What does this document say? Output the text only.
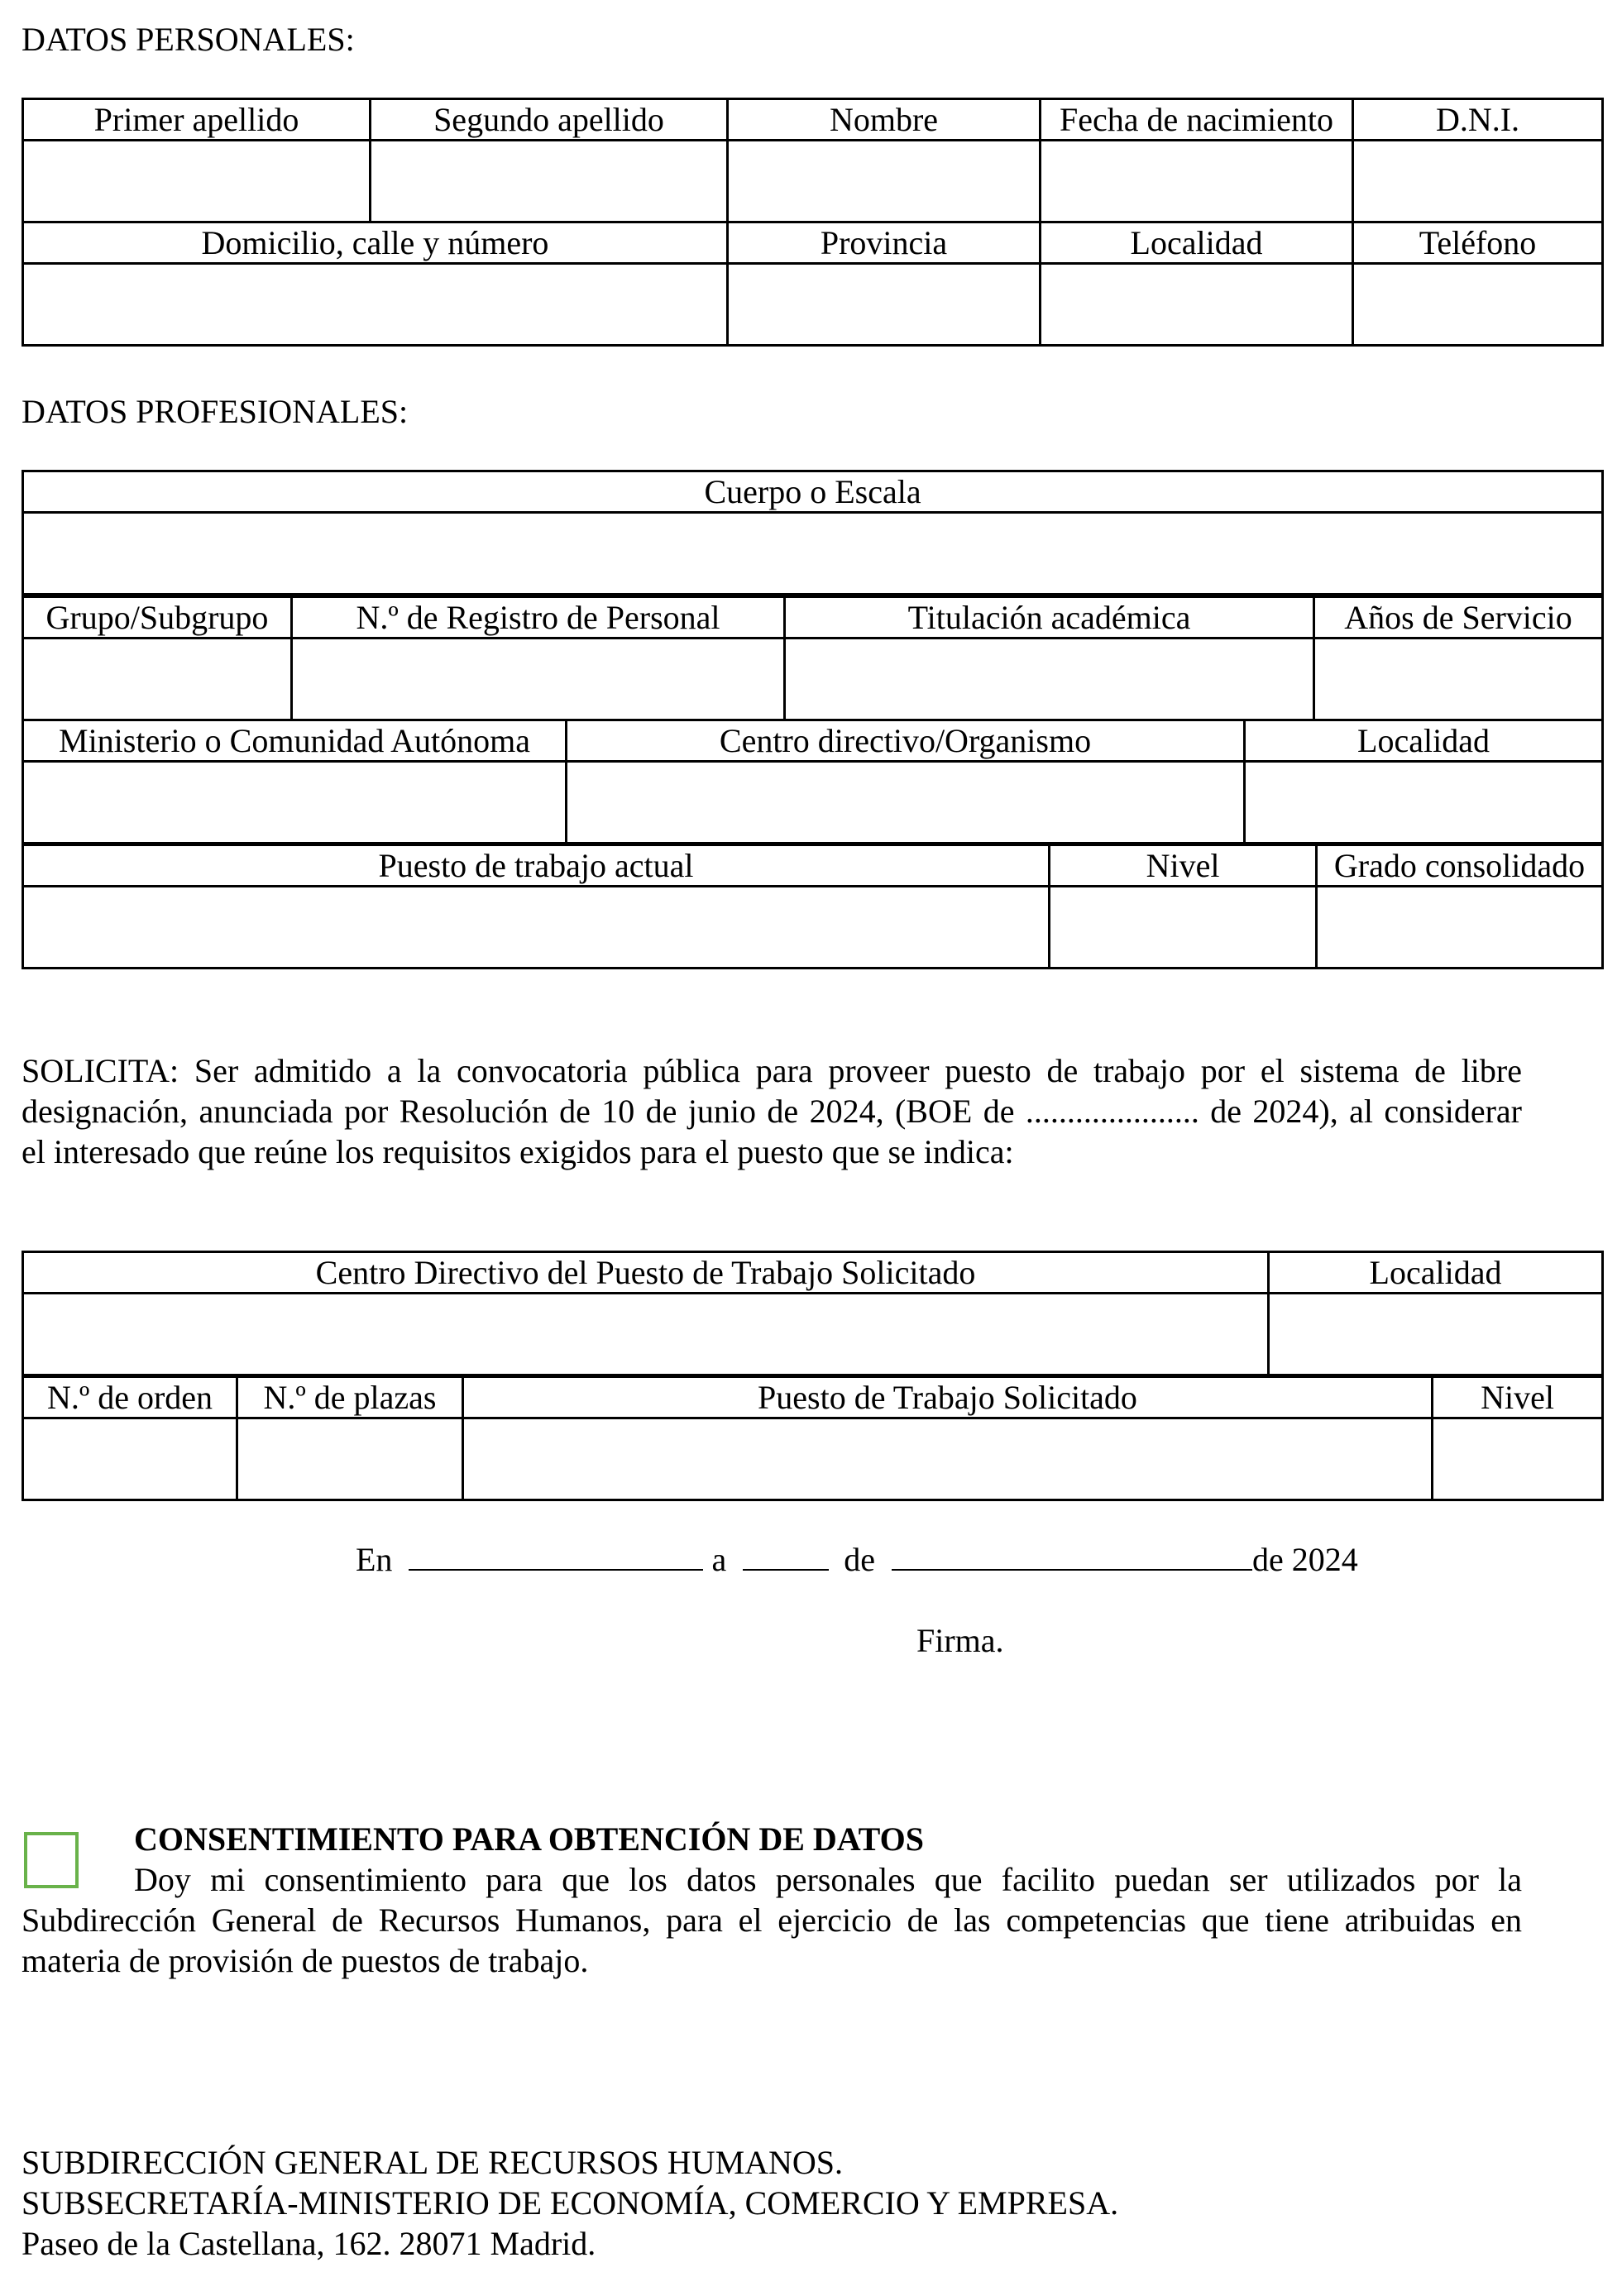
DATOS PERSONALES:
Primer apellido	Segundo apellido	Nombre	Fecha de nacimiento	D.N.I.

Domicilio, calle y número		Provincia	Localidad	Teléfono

DATOS PROFESIONALES:
Cuerpo o Escala

Grupo/Subgrupo	N.º de Registro de Personal	Titulación académica	Años de Servicio

Ministerio o Comunidad Autónoma	Centro directivo/Organismo	Localidad

Puesto de trabajo actual	Nivel	Grado consolidado

SOLICITA: Ser admitido a la convocatoria pública para proveer puesto de trabajo por el sistema de libre
designación, anunciada por Resolución de 10 de junio de 2024, (BOE de ..................... de 2024), al considerar
el interesado que reúne los requisitos exigidos para el puesto que se indica:
Centro Directivo del Puesto de Trabajo Solicitado	Localidad

N.º de orden	N.º de plazas	Puesto de Trabajo Solicitado	Nivel

En	a	de	de 2024
Firma.
CONSENTIMIENTO PARA OBTENCIÓN DE DATOS
Doy mi consentimiento para que los datos personales que facilito puedan ser utilizados por la
Subdirección General de Recursos Humanos, para el ejercicio de las competencias que tiene atribuidas en
materia de provisión de puestos de trabajo.
SUBDIRECCIÓN GENERAL DE RECURSOS HUMANOS.
SUBSECRETARÍA-MINISTERIO DE ECONOMÍA, COMERCIO Y EMPRESA.
Paseo de la Castellana, 162. 28071 Madrid.
